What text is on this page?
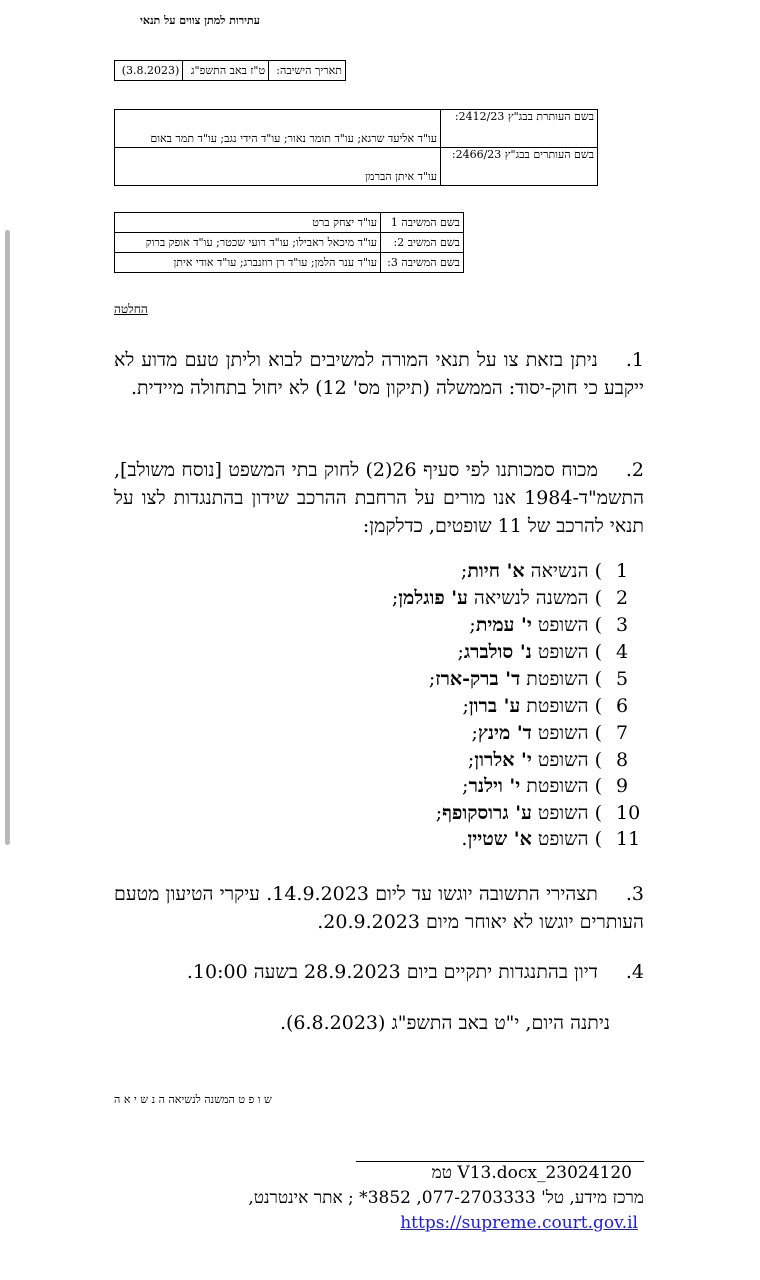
עתירות למתן צווים על תנאי
תאריך הישיבה:	ט"ז באב התשפ"ג	(3.8.2023)
בשם העותרת בבג"ץ 2412/23:	עו"ד אליעד שרגא; עו"ד תומר נאור; עו"ד הידי נגב; עו"ד תמר באום
בשם העותרים בבג"ץ 2466/23:	עו"ד איתן הברמן
בשם המשיבה 1	עו"ד יצחק ברט
בשם המשיב 2:	עו"ד מיכאל ראבילו; עו"ד רועי שכטר; עו"ד אופק ברוק
בשם המשיבה 3:	עו"ד ענר הלמן; עו"ד רן רוזנברג; עו"ד אודי איתן
החלטה
1.ניתן בזאת צו על תנאי המורה למשיבים לבוא וליתן טעם מדוע לא ייקבע כי חוק-יסוד: הממשלה (תיקון מס' 12) לא יחול בתחולה מיידית.
2.מכוח סמכותנו לפי סעיף 26(2) לחוק בתי המשפט [נוסח משולב], התשמ"ד-1984 אנו מורים על הרחבת ההרכב שידון בהתנגדות לצו על תנאי להרכב של 11 שופטים, כדלקמן:
1) הנשיאה א' חיות;
2) המשנה לנשיאה ע' פוגלמן;
3) השופט י' עמית;
4) השופט נ' סולברג;
5) השופטת ד' ברק-ארז;
6) השופטת ע' ברון;
7) השופט ד' מינץ;
8) השופט י' אלרון;
9) השופטת י' וילנר;
10) השופט ע' גרוסקופף;
11) השופט א' שטיין.
3.תצהירי התשובה יוגשו עד ליום 14.9.2023. עיקרי הטיעון מטעם העותרים יוגשו לא יאוחר מיום 20.9.2023.
4.דיון בהתנגדות יתקיים ביום 28.9.2023 בשעה 10:00.
ניתנה היום, י"ט באב התשפ"ג (6.8.2023).
ש ו פ ט המשנה לנשיאה ה נ ש י א ה
V13.docx_23024120 טמ
מרכז מידע, טל' 077-2703333, 3852* ; אתר אינטרנט,
https://supreme.court.gov.il
